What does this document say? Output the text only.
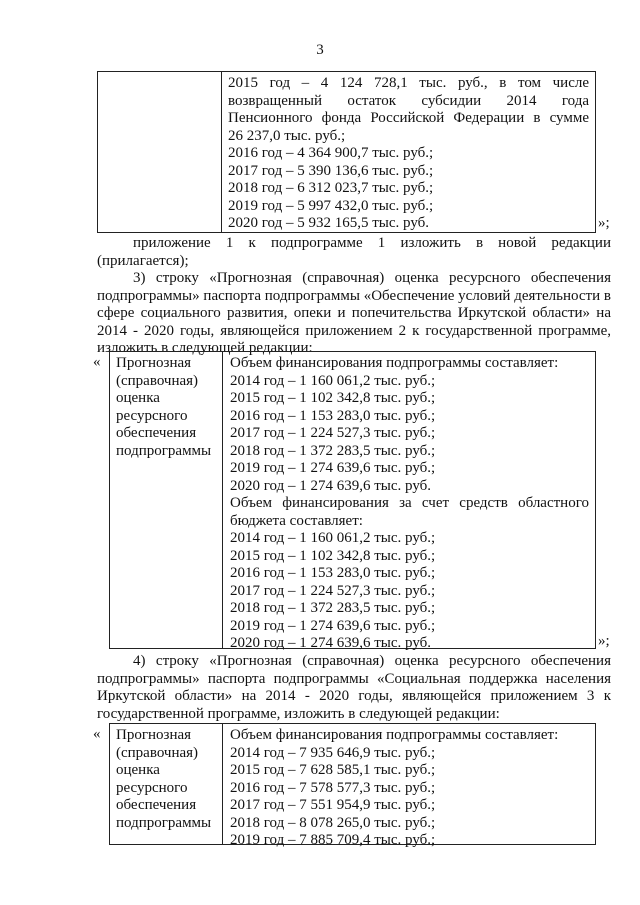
3
2015 год – 4 124 728,1 тыс. руб., в том числе
возвращенный остаток субсидии 2014 года
Пенсионного фонда Российской Федерации в сумме
26 237,0 тыс. руб.;
2016 год – 4 364 900,7 тыс. руб.;
2017 год – 5 390 136,6 тыс. руб.;
2018 год – 6 312 023,7 тыс. руб.;
2019 год – 5 997 432,0 тыс. руб.;
2020 год – 5 932 165,5 тыс. руб.	»;
приложение 1 к подпрограмме 1 изложить в новой редакции
(прилагается);
3) строку «Прогнозная (справочная) оценка ресурсного обеспечения
подпрограммы» паспорта подпрограммы «Обеспечение условий деятельности в
сфере социального развития, опеки и попечительства Иркутской области» на
2014 - 2020 годы, являющейся приложением 2 к государственной программе,
изложить в следующей редакции:
« Прогнозная
(справочная)
оценка
ресурсного
обеспечения
подпрограммы
Объем финансирования подпрограммы составляет:
2014 год – 1 160 061,2 тыс. руб.;
2015 год – 1 102 342,8 тыс. руб.;
2016 год – 1 153 283,0 тыс. руб.;
2017 год – 1 224 527,3 тыс. руб.;
2018 год – 1 372 283,5 тыс. руб.;
2019 год – 1 274 639,6 тыс. руб.;
2020 год – 1 274 639,6 тыс. руб.
Объем финансирования за счет средств областного
бюджета составляет:
2014 год – 1 160 061,2 тыс. руб.;
2015 год – 1 102 342,8 тыс. руб.;
2016 год – 1 153 283,0 тыс. руб.;
2017 год – 1 224 527,3 тыс. руб.;
2018 год – 1 372 283,5 тыс. руб.;
2019 год – 1 274 639,6 тыс. руб.;
2020 год – 1 274 639,6 тыс. руб.	»;
4) строку «Прогнозная (справочная) оценка ресурсного обеспечения
подпрограммы» паспорта подпрограммы «Социальная поддержка населения
Иркутской области» на 2014 - 2020 годы, являющейся приложением 3 к
государственной программе, изложить в следующей редакции:
« Прогнозная
(справочная)
оценка
ресурсного
обеспечения
подпрограммы
Объем финансирования подпрограммы составляет:
2014 год – 7 935 646,9 тыс. руб.;
2015 год – 7 628 585,1 тыс. руб.;
2016 год – 7 578 577,3 тыс. руб.;
2017 год – 7 551 954,9 тыс. руб.;
2018 год – 8 078 265,0 тыс. руб.;
2019 год – 7 885 709,4 тыс. руб.;
